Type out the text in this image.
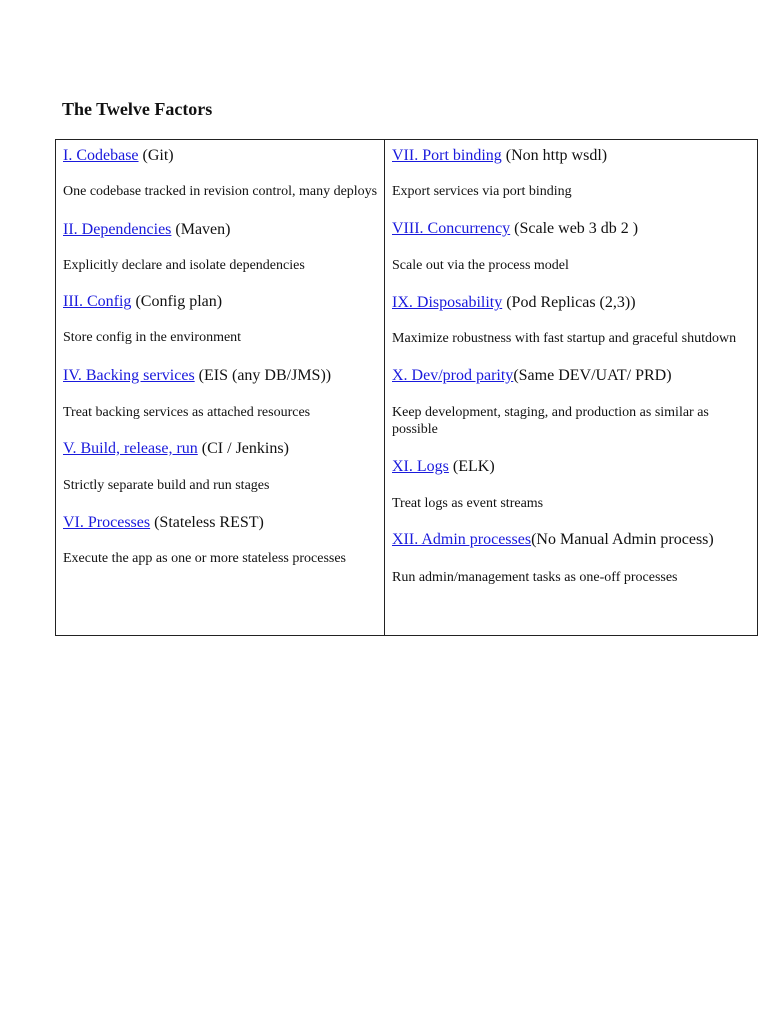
The Twelve Factors

I. Codebase (Git)

One codebase tracked in revision control, many deploys

II. Dependencies (Maven)

Explicitly declare and isolate dependencies

III. Config (Config plan)

Store config in the environment

IV. Backing services (EIS (any DB/JMS))

Treat backing services as attached resources

V. Build, release, run (CI / Jenkins)

Strictly separate build and run stages

VI. Processes (Stateless REST)

Execute the app as one or more stateless processes

VII. Port binding (Non http wsdl)

Export services via port binding

VIII. Concurrency (Scale web 3 db 2 )

Scale out via the process model

IX. Disposability (Pod Replicas (2,3))

Maximize robustness with fast startup and graceful shutdown

X. Dev/prod parity(Same DEV/UAT/ PRD)

Keep development, staging, and production as similar as possible

XI. Logs (ELK)

Treat logs as event streams

XII. Admin processes(No Manual Admin process)

Run admin/management tasks as one-off processes
